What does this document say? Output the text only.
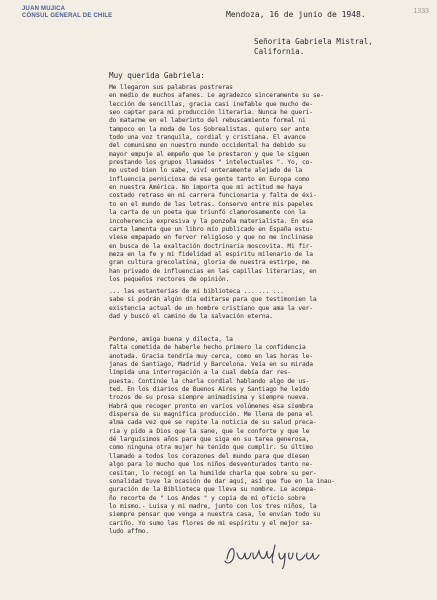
JUAN MUJICA
CÓNSUL GENERAL DE CHILE
1333
Mendoza, 16 de junio de 1948.
Señorita Gabriela Mistral,
California.
Muy querida Gabriela:
Me llegaron sus palabras postreras
en medio de muchos afanes. Le agradezco sinceramente su se-
lección de sencillas, gracia casi inefable que mucho de-
seo captar para mi producción literaria. Nunca he queri-
do matarme en el laberinto del rebuscamiento formal ni
tampoco en la moda de los Sobrealistas. quiero ser ante
todo una voz tranquila, cordial y cristiana. El avance
del comunismo en nuestro mundo occidental ha debido su
mayor empuje al empeño que le prestaron y que le siguen
prestando los grupos llamados " intelectuales ". Yo, co-
mo usted bien lo sabe, viví enteramente alejado de la
influencia perniciosa de esa gente tanto en Europa como
en nuestra América. No importa que mi actitud me haya
costado retraso en mi carrera funcionaria y falta de éxi-
to en el mundo de las letras. Conservo entre mis papeles
la carta de un poeta que triunfó clamorosamente con la
incoherencia expresiva y la ponzoña materialista. En esa
carta lamenta que un libro mío publicado en España estu-
viese empapado en fervor religioso y que no me inclinase
en busca de la exaltación doctrinaria moscovita. Mi fir-
meza en la fe y mi fidelidad al espíritu milenario de la
gran cultura grecolatina, gloria de nuestra estirpe, me
han privado de influencias en las capillas literarias, en
los pequeños rectores de opinión.
... las estanterías de mi biblioteca ... ... ...
sabe si podrán algún día editarse para que testimonien la
existencia actual de un hombre cristiano que ama la ver-
dad y buscó el camino de la salvación eterna.
Perdone, amiga buena y dilecta, la
falta cometida de haberle hecho primero la confidencia
anotada. Gracia tendría muy cerca, como en las horas le-
janas de Santiago, Madrid y Barcelona. Veía en su mirada
límpida una interrogación a la cual debía dar res-
puesta. Continúe la charla cordial hablando algo de us-
ted. En los diarios de Buenos Aires y Santiago he leído
trozos de su prosa siempre animadísima y siempre nueva.
Habrá que recoger pronto en varios volúmenes esa siembra
dispersa de su magnífica producción. Me llena de pena el
alma cada vez que se repite la noticia de su salud preca-
ria y pido a Dios que la sane, que le conforte y que le
dé larguísimos años para que siga en su tarea generosa,
como ninguna otra mujer ha tenido que cumplir. Su último
llamado a todos los corazones del mundo para que diesen
algo para lo mucho que los niños desventurados tanto ne-
cesitan, lo recogí en la humilde charla que sobre su per-
sonalidad tuve la ocasión de dar aquí, así que fue en la inau-
guración de la Biblioteca que lleva su nombre. Le acompa-
ño recorte de " Los Andes " y copia de mi oficio sobre
lo mismo.- Luisa y mi madre, junto con los tres niños, la
siempre pensar que venga a nuestra casa, le envían todo su
cariño. Yo sumo las flores de mi espíritu y el mejor sa-
ludo affmo.
